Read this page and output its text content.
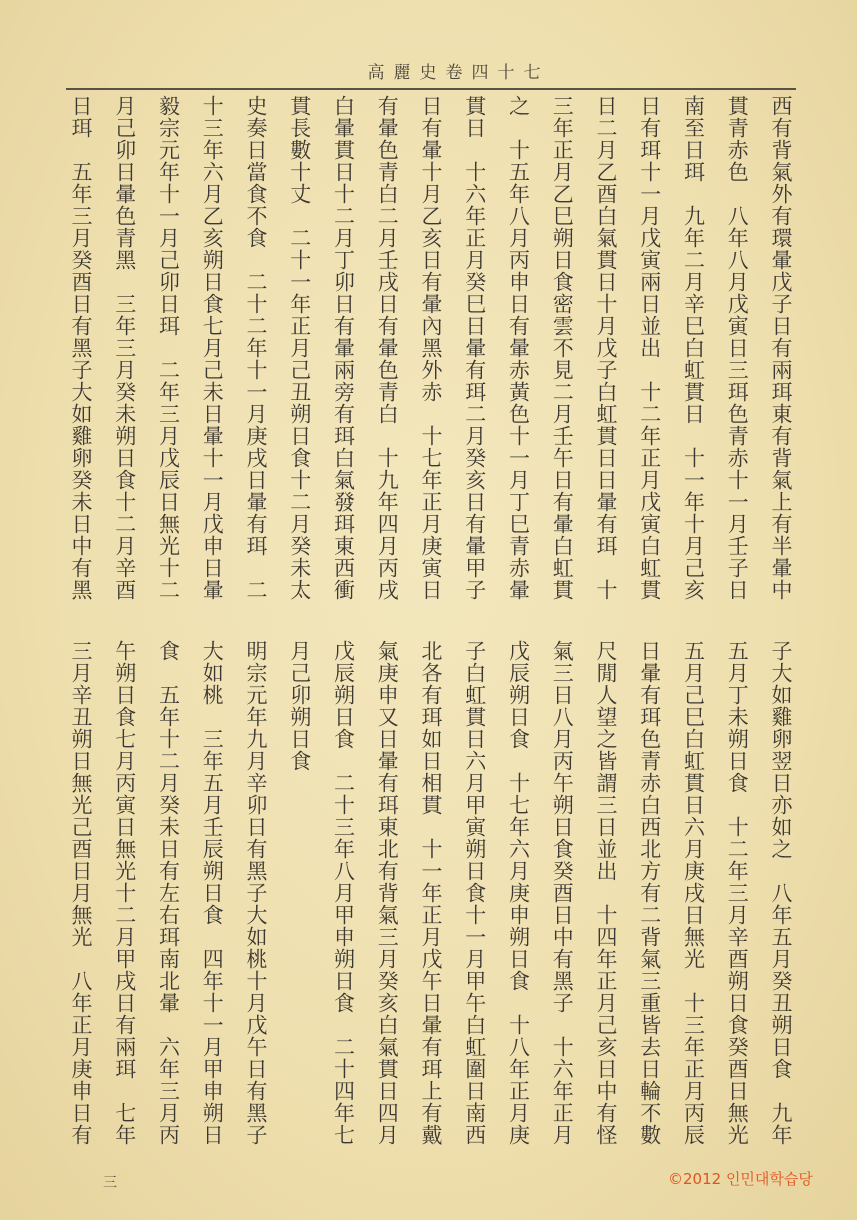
高麗史卷四十七
西有背氣外有環暈戊子日有兩珥東有背氣上有半暈中
貫青赤色　八年八月戊寅日三珥色青赤十一月壬子日
南至日珥　九年二月辛巳白虹貫日　十一年十月己亥
日有珥十一月戊寅兩日並出　十二年正月戊寅白虹貫
日二月乙酉白氣貫日十月戊子白虹貫日日暈有珥　十
三年正月乙巳朔日食密雲不見二月壬午日有暈白虹貫
之　十五年八月丙申日有暈赤黃色十一月丁巳青赤暈
貫日　十六年正月癸巳日暈有珥二月癸亥日有暈甲子
日有暈十月乙亥日有暈內黑外赤　十七年正月庚寅日
有暈色青白二月壬戌日有暈色青白　十九年四月丙戌
白暈貫日十二月丁卯日有暈兩旁有珥白氣發珥東西衝
貫長數十丈　二十一年正月己丑朔日食十二月癸未太
史奏日當食不食　二十二年十一月庚戌日暈有珥　二
十三年六月乙亥朔日食七月己未日暈十一月戊申日暈
毅宗元年十一月己卯日珥　二年三月戊辰日無光十二
月己卯日暈色青黑　三年三月癸未朔日食十二月辛酉
日珥　五年三月癸酉日有黑子大如雞卵癸未日中有黑
子大如雞卵翌日亦如之　八年五月癸丑朔日食　九年
五月丁未朔日食　十二年三月辛酉朔日食癸酉日無光
五月己巳白虹貫日六月庚戌日無光　十三年正月丙辰
日暈有珥色青赤白西北方有二背氣三重皆去日輪不數
尺閒人望之皆謂三日並出　十四年正月己亥日中有怪
氣三日八月丙午朔日食癸酉日中有黑子　十六年正月
戊辰朔日食　十七年六月庚申朔日食　十八年正月庚
子白虹貫日六月甲寅朔日食十一月甲午白虹圍日南西
北各有珥如日相貫　十一年正月戊午日暈有珥上有戴
氣庚申又日暈有珥東北有背氣三月癸亥白氣貫日四月
戊辰朔日食　二十三年八月甲申朔日食　二十四年七
月己卯朔日食
明宗元年九月辛卯日有黑子大如桃十月戊午日有黑子
大如桃　三年五月壬辰朔日食　四年十一月甲申朔日
食　五年十二月癸未日有左右珥南北暈　六年三月丙
午朔日食七月丙寅日無光十二月甲戌日有兩珥　七年
三月辛丑朔日無光己酉日月無光　八年正月庚申日有
三	©2012 인민대학습당
